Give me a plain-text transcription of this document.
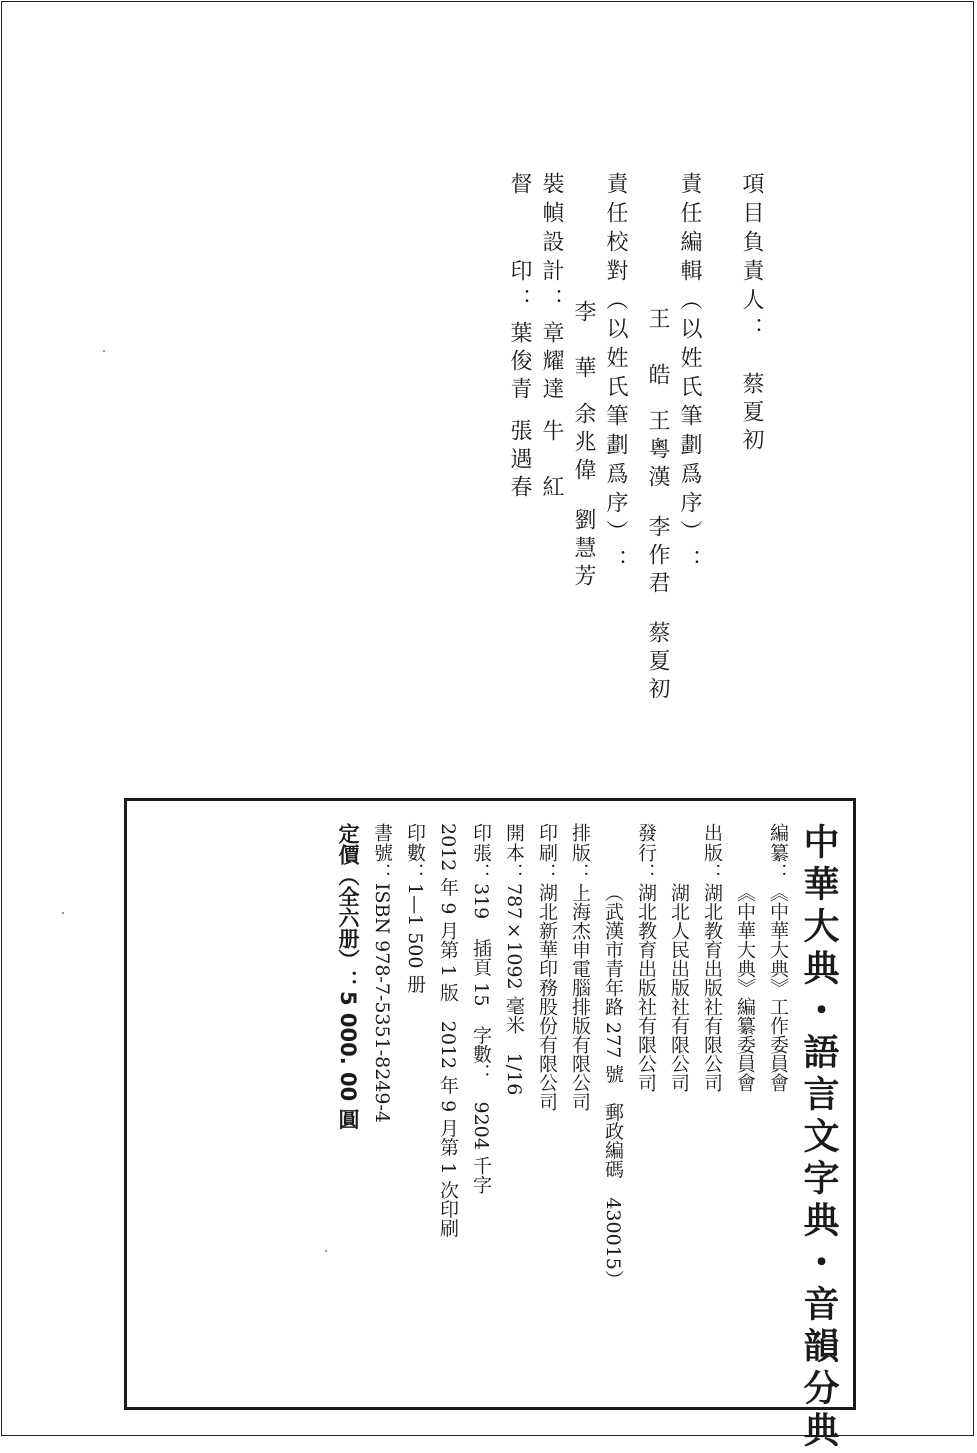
項目負責人：蔡夏初
責任編輯（以姓氏筆劃爲序）：
王　皓王粵漢李作君蔡夏初
責任校對（以姓氏筆劃爲序）：
李　華余兆偉劉慧芳
裝幀設計：章耀達牛　紅
督　　印：葉俊青張遇春
中華大典・語言文字典・音韻分典
編纂：《中華大典》工作委員會
《中華大典》編纂委員會
出版：湖北教育出版社有限公司
湖北人民出版社有限公司
發行：湖北教育出版社有限公司
（武漢市青年路 277 號　郵政編碼　430015）
排版：上海杰申電腦排版有限公司
印刷：湖北新華印務股份有限公司
開本：787×1092 毫米　1/16
印張：319　插頁 15　字數：　9204 千字
2012 年 9 月第 1 版　2012 年 9 月第 1 次印刷
印數：1—1 500 册
書號：ISBN 978-7-5351-8249-4
定價（全六册）：5 000. 00 圓
